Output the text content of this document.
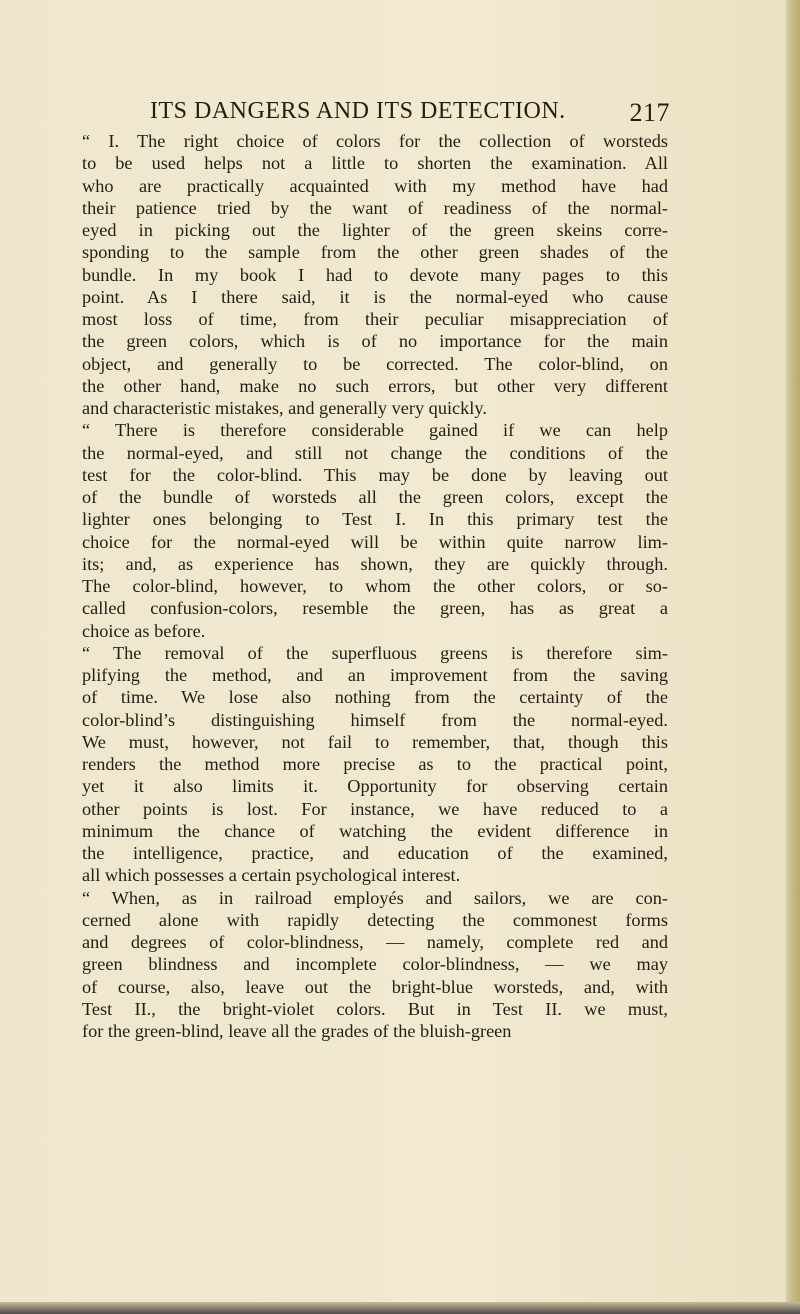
ITS DANGERS AND ITS DETECTION. 217
“ I. The right choice of colors for the collection of worsteds
to be used helps not a little to shorten the examination. All
who are practically acquainted with my method have had
their patience tried by the want of readiness of the normal-
eyed in picking out the lighter of the green skeins corre-
sponding to the sample from the other green shades of the
bundle. In my book I had to devote many pages to this
point. As I there said, it is the normal-eyed who cause
most loss of time, from their peculiar misappreciation of
the green colors, which is of no importance for the main
object, and generally to be corrected. The color-blind, on
the other hand, make no such errors, but other very different
and characteristic mistakes, and generally very quickly.
“ There is therefore considerable gained if we can help
the normal-eyed, and still not change the conditions of the
test for the color-blind. This may be done by leaving out
of the bundle of worsteds all the green colors, except the
lighter ones belonging to Test I. In this primary test the
choice for the normal-eyed will be within quite narrow lim-
its; and, as experience has shown, they are quickly through.
The color-blind, however, to whom the other colors, or so-
called confusion-colors, resemble the green, has as great a
choice as before.
“ The removal of the superfluous greens is therefore sim-
plifying the method, and an improvement from the saving
of time. We lose also nothing from the certainty of the
color-blind’s distinguishing himself from the normal-eyed.
We must, however, not fail to remember, that, though this
renders the method more precise as to the practical point,
yet it also limits it. Opportunity for observing certain
other points is lost. For instance, we have reduced to a
minimum the chance of watching the evident difference in
the intelligence, practice, and education of the examined,
all which possesses a certain psychological interest.
“ When, as in railroad employés and sailors, we are con-
cerned alone with rapidly detecting the commonest forms
and degrees of color-blindness, — namely, complete red and
green blindness and incomplete color-blindness, — we may
of course, also, leave out the bright-blue worsteds, and, with
Test II., the bright-violet colors. But in Test II. we must,
for the green-blind, leave all the grades of the bluish-green
